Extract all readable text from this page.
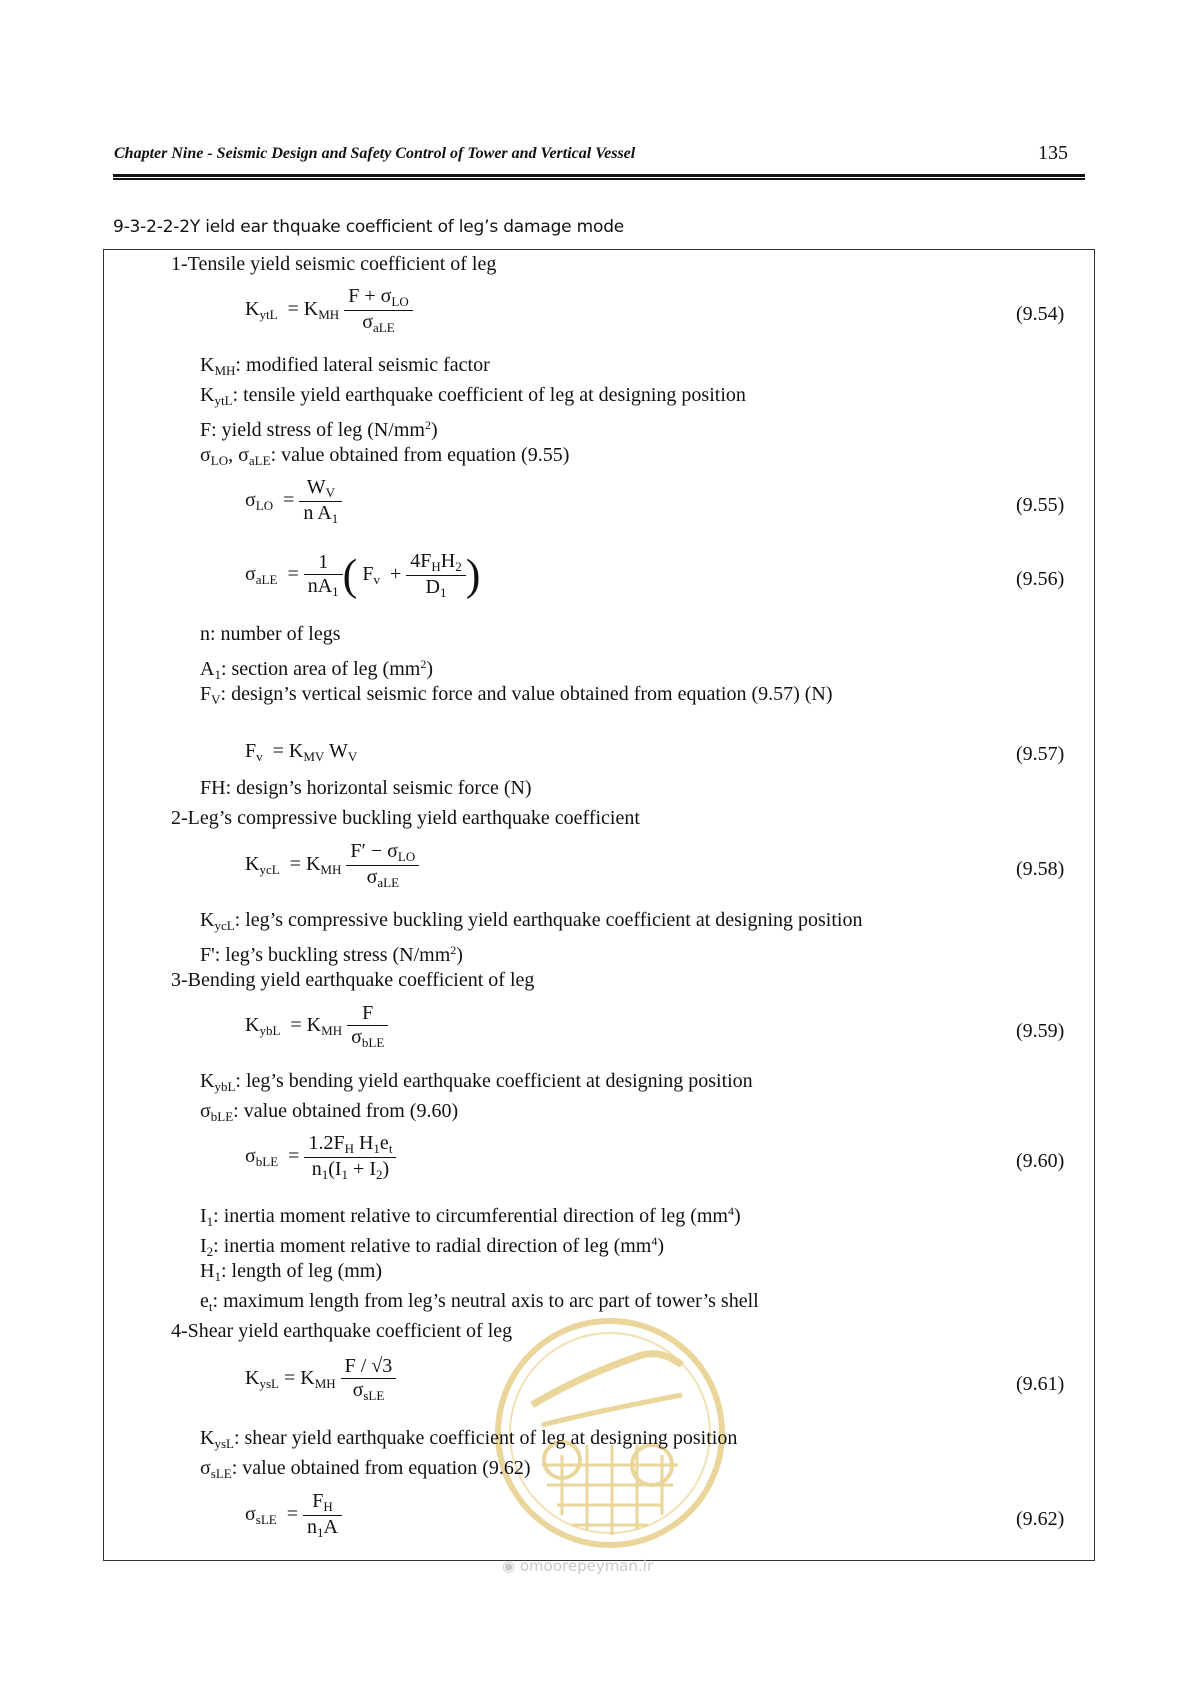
Chapter Nine - Seismic Design and Safety Control of Tower and Vertical Vessel	135
9-3-2-2-2Y ield ear thquake coefficient of leg’s damage mode
◉ omoorepeyman.ir
1-Tensile yield seismic coefficient of leg
$K_{ytL} = K_{MH} \frac{F + \sigma_{LO}}{\sigma_{aLE}}$	(9.54)
$K_{MH}$: modified lateral seismic factor
$K_{ytL}$: tensile yield earthquake coefficient of leg at designing position
F: yield stress of leg $(N/mm^2)$
$\sigma_{LO}$, $\sigma_{aLE}$: value obtained from equation (9.55)
$\sigma_{LO} = \frac{W_V}{n A_1}$	(9.55)
$\sigma_{aLE} = \frac{1}{nA_1}$ ( $F_v + \frac{4F_HH_2}{D_1}$ )	(9.56)
n: number of legs
$A_1$: section area of leg $(mm^2)$
$F_V$: design’s vertical seismic force and value obtained from equation (9.57) (N)
$F_v = K_{MV}$ $W_V$	(9.57)
FH: design’s horizontal seismic force (N)
2-Leg’s compressive buckling yield earthquake coefficient
$K_{ycL} = K_{MH} \frac{F' - \sigma_{LO}}{\sigma_{aLE}}$	(9.58)
$K_{ycL}$: leg’s compressive buckling yield earthquake coefficient at designing position
F': leg’s buckling stress $(N/mm^2)$
3-Bending yield earthquake coefficient of leg
$K_{ybL} = K_{MH} \frac{F}{\sigma_{bLE}}$	(9.59)
$K_{ybL}$: leg’s bending yield earthquake coefficient at designing position
$\sigma_{bLE}$: value obtained from (9.60)
$\sigma_{bLE} = \frac{1.2F_H H_1e_t}{n_1(I_1 + I_2)}$	(9.60)
$I_1$: inertia moment relative to circumferential direction of leg $(mm^4)$
$I_2$: inertia moment relative to radial direction of leg $(mm^4)$
$H_1$: length of leg (mm)
$e_t$: maximum length from leg’s neutral axis to arc part of tower’s shell
4-Shear yield earthquake coefficient of leg
$K_{ysL} = K_{MH} \frac{F / √3}{\sigma_{sLE}}$	(9.61)
$K_{ysL}$: shear yield earthquake coefficient of leg at designing position
$\sigma_{sLE}$: value obtained from equation (9.62)
$\sigma_{sLE} = \frac{F_H}{n_1A}$	(9.62)
